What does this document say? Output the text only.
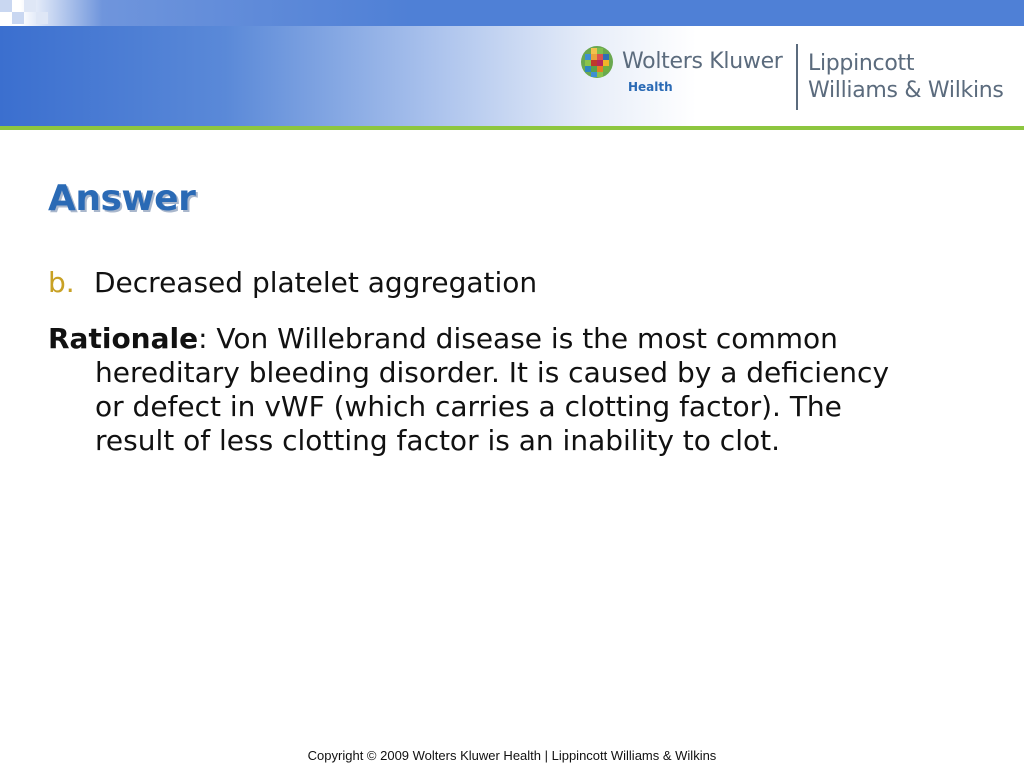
Wolters Kluwer
Health
Lippincott
Williams & Wilkins
Answer
b. Decreased platelet aggregation
Rationale: Von Willebrand disease is the most common
hereditary bleeding disorder. It is caused by a deficiency
or defect in vWF (which carries a clotting factor). The
result of less clotting factor is an inability to clot.
Copyright © 2009 Wolters Kluwer Health | Lippincott Williams & Wilkins
